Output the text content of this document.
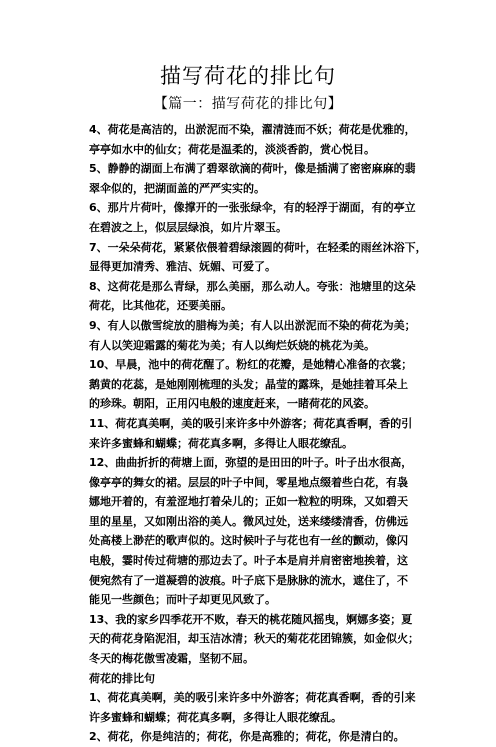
描写荷花的排比句
【篇一：描写荷花的排比句】
4、荷花是高洁的，出淤泥而不染，濯清涟而不妖；荷花是优雅的，
亭亭如水中的仙女；荷花是温柔的，淡淡香韵，赏心悦目。
5、静静的湖面上布满了碧翠欲滴的荷叶，像是插满了密密麻麻的翡
翠伞似的，把湖面盖的严严实实的。
6、那片片荷叶，像撑开的一张张绿伞，有的轻浮于湖面，有的亭立
在碧波之上，似层层绿浪，如片片翠玉。
7、一朵朵荷花，紧紧依偎着碧绿滚圆的荷叶，在轻柔的雨丝沐浴下，
显得更加清秀、雅洁、妩媚、可爱了。
8、这荷花是那么青绿，那么美丽，那么动人。夸张：池塘里的这朵
荷花，比其他花，还要美丽。
9、有人以傲雪绽放的腊梅为美；有人以出淤泥而不染的荷花为美；
有人以笑迎霜露的菊花为美；有人以绚烂妖娆的桃花为美。
10、早晨，池中的荷花醒了。粉红的花瓣，是她精心准备的衣裳；
鹅黄的花蕊，是她刚刚梳理的头发；晶莹的露珠，是她挂着耳朵上
的珍珠。朝阳，正用闪电般的速度赶来，一睹荷花的风姿。
11、荷花真美啊，美的吸引来许多中外游客；荷花真香啊，香的引
来许多蜜蜂和蝴蝶；荷花真多啊，多得让人眼花缭乱。
12、曲曲折折的荷塘上面，弥望的是田田的叶子。叶子出水很高，
像亭亭的舞女的裙。层层的叶子中间，零星地点缀着些白花，有袅
娜地开着的，有羞涩地打着朵儿的；正如一粒粒的明珠，又如碧天
里的星星，又如刚出浴的美人。微风过处，送来缕缕清香，仿佛远
处高楼上渺茫的歌声似的。这时候叶子与花也有一丝的颤动，像闪
电般，霎时传过荷塘的那边去了。叶子本是肩并肩密密地挨着，这
便宛然有了一道凝碧的波痕。叶子底下是脉脉的流水，遮住了，不
能见一些颜色；而叶子却更见风致了。
13、我的家乡四季花开不败，春天的桃花随风摇曳，婀娜多姿；夏
天的荷花身陷泥泪，却玉洁冰清；秋天的菊花花团锦簇，如金似火；
冬天的梅花傲雪凌霜，坚韧不屈。
荷花的排比句
1、荷花真美啊，美的吸引来许多中外游客；荷花真香啊，香的引来
许多蜜蜂和蝴蝶；荷花真多啊，多得让人眼花缭乱。
2、荷花，你是纯洁的；荷花，你是高雅的；荷花，你是清白的。
